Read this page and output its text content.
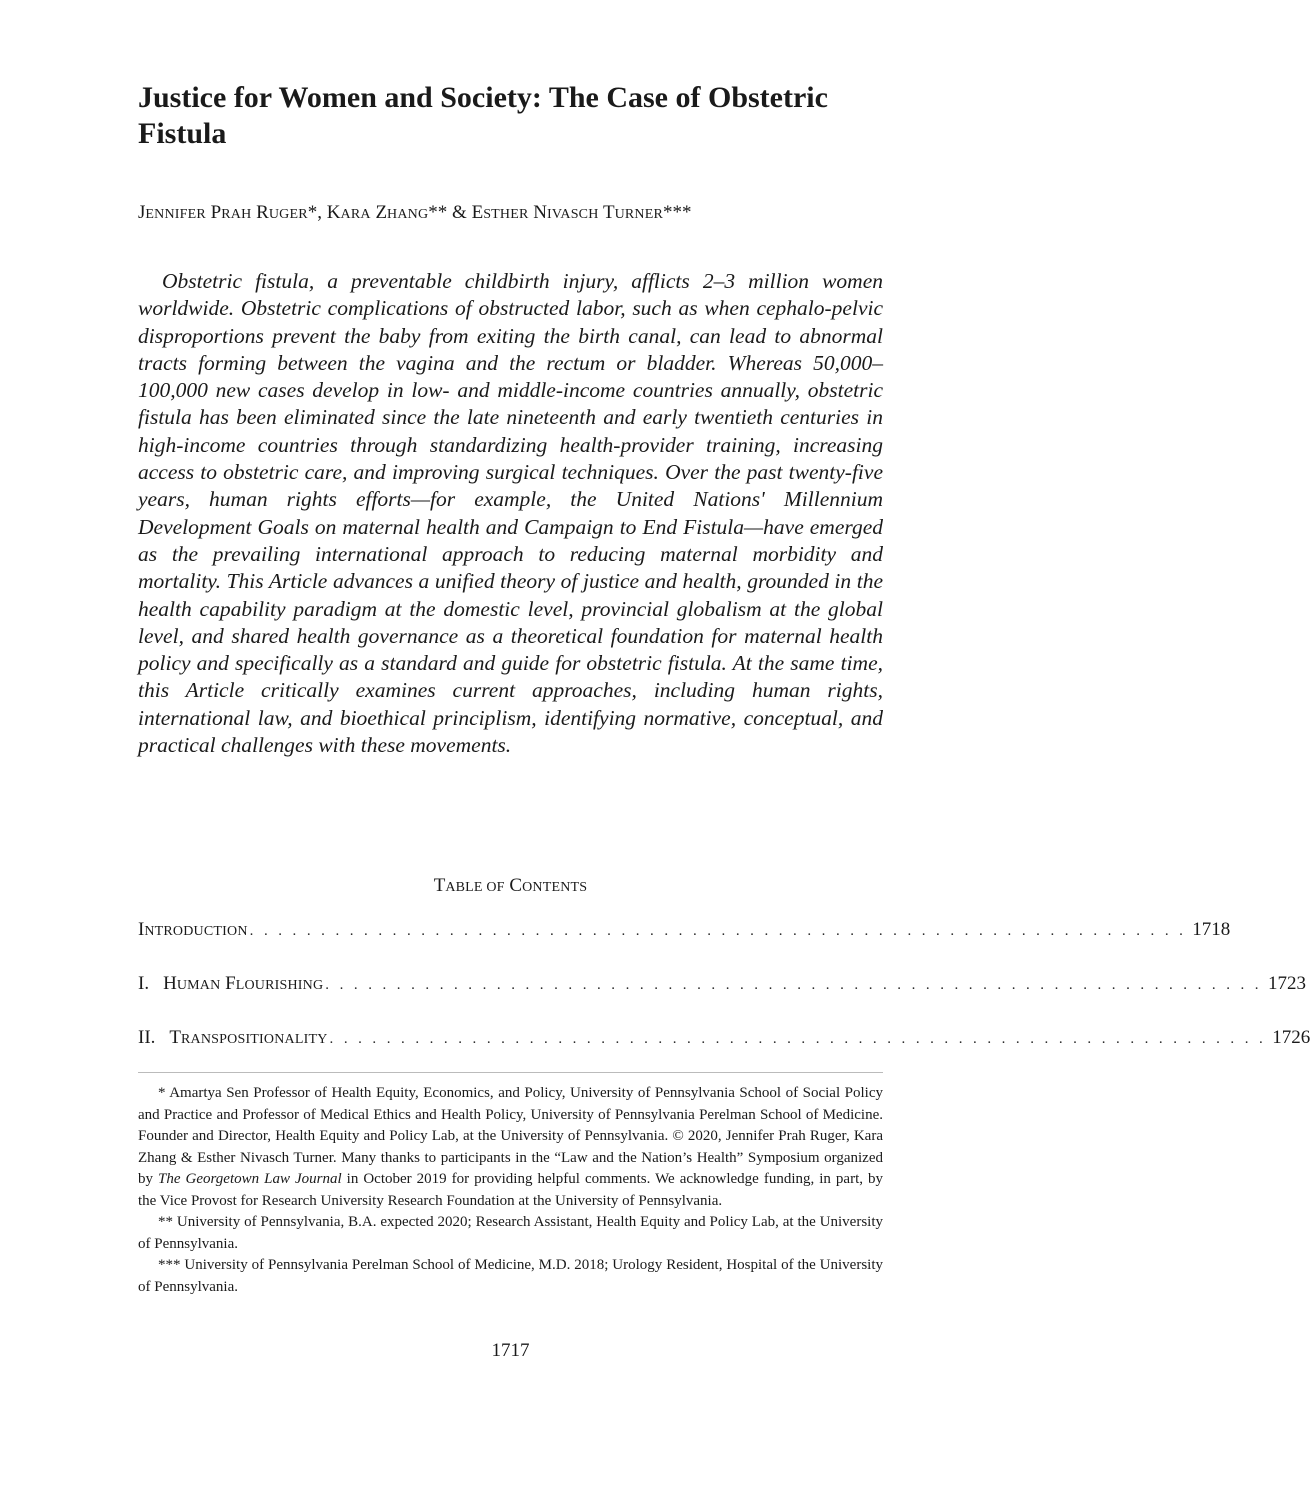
Justice for Women and Society: The Case of Obstetric Fistula
JENNIFER PRAH RUGER*, KARA ZHANG** & ESTHER NIVASCH TURNER***

Obstetric fistula, a preventable childbirth injury, afflicts 2–3 million women worldwide. Obstetric complications of obstructed labor, such as when cephalo-pelvic disproportions prevent the baby from exiting the birth canal, can lead to abnormal tracts forming between the vagina and the rectum or bladder. Whereas 50,000–100,000 new cases develop in low- and middle-income countries annually, obstetric fistula has been eliminated since the late nineteenth and early twentieth centuries in high-income countries through standardizing health-provider training, increasing access to obstetric care, and improving surgical techniques. Over the past twenty-five years, human rights efforts—for example, the United Nations' Millennium Development Goals on maternal health and Campaign to End Fistula—have emerged as the prevailing international approach to reducing maternal morbidity and mortality. This Article advances a unified theory of justice and health, grounded in the health capability paradigm at the domestic level, provincial globalism at the global level, and shared health governance as a theoretical foundation for maternal health policy and specifically as a standard and guide for obstetric fistula. At the same time, this Article critically examines current approaches, including human rights, international law, and bioethical principlism, identifying normative, conceptual, and practical challenges with these movements.

TABLE OF CONTENTS
INTRODUCTION . . . . . . . . . . . . . . . . . . . . . . . . . . . . . . . . . . . . . . . . . . . . . . . . . . . . . . . . . . . . . . . . . . 1718
I. HUMAN FLOURISHING . . . . . . . . . . . . . . . . . . . . . . . . . . . . . . . . . . . . . . . . . . . . . . . . . . . . . . . . . . . . . . . . . . 1723
II. TRANSPOSITIONALITY . . . . . . . . . . . . . . . . . . . . . . . . . . . . . . . . . . . . . . . . . . . . . . . . . . . . . . . . . . . . . . . . . . 1726

* Amartya Sen Professor of Health Equity, Economics, and Policy, University of Pennsylvania School of Social Policy and Practice and Professor of Medical Ethics and Health Policy, University of Pennsylvania Perelman School of Medicine. Founder and Director, Health Equity and Policy Lab, at the University of Pennsylvania. © 2020, Jennifer Prah Ruger, Kara Zhang & Esther Nivasch Turner. Many thanks to participants in the “Law and the Nation’s Health” Symposium organized by The Georgetown Law Journal in October 2019 for providing helpful comments. We acknowledge funding, in part, by the Vice Provost for Research University Research Foundation at the University of Pennsylvania.

** University of Pennsylvania, B.A. expected 2020; Research Assistant, Health Equity and Policy Lab, at the University of Pennsylvania.

*** University of Pennsylvania Perelman School of Medicine, M.D. 2018; Urology Resident, Hospital of the University of Pennsylvania.

1717
